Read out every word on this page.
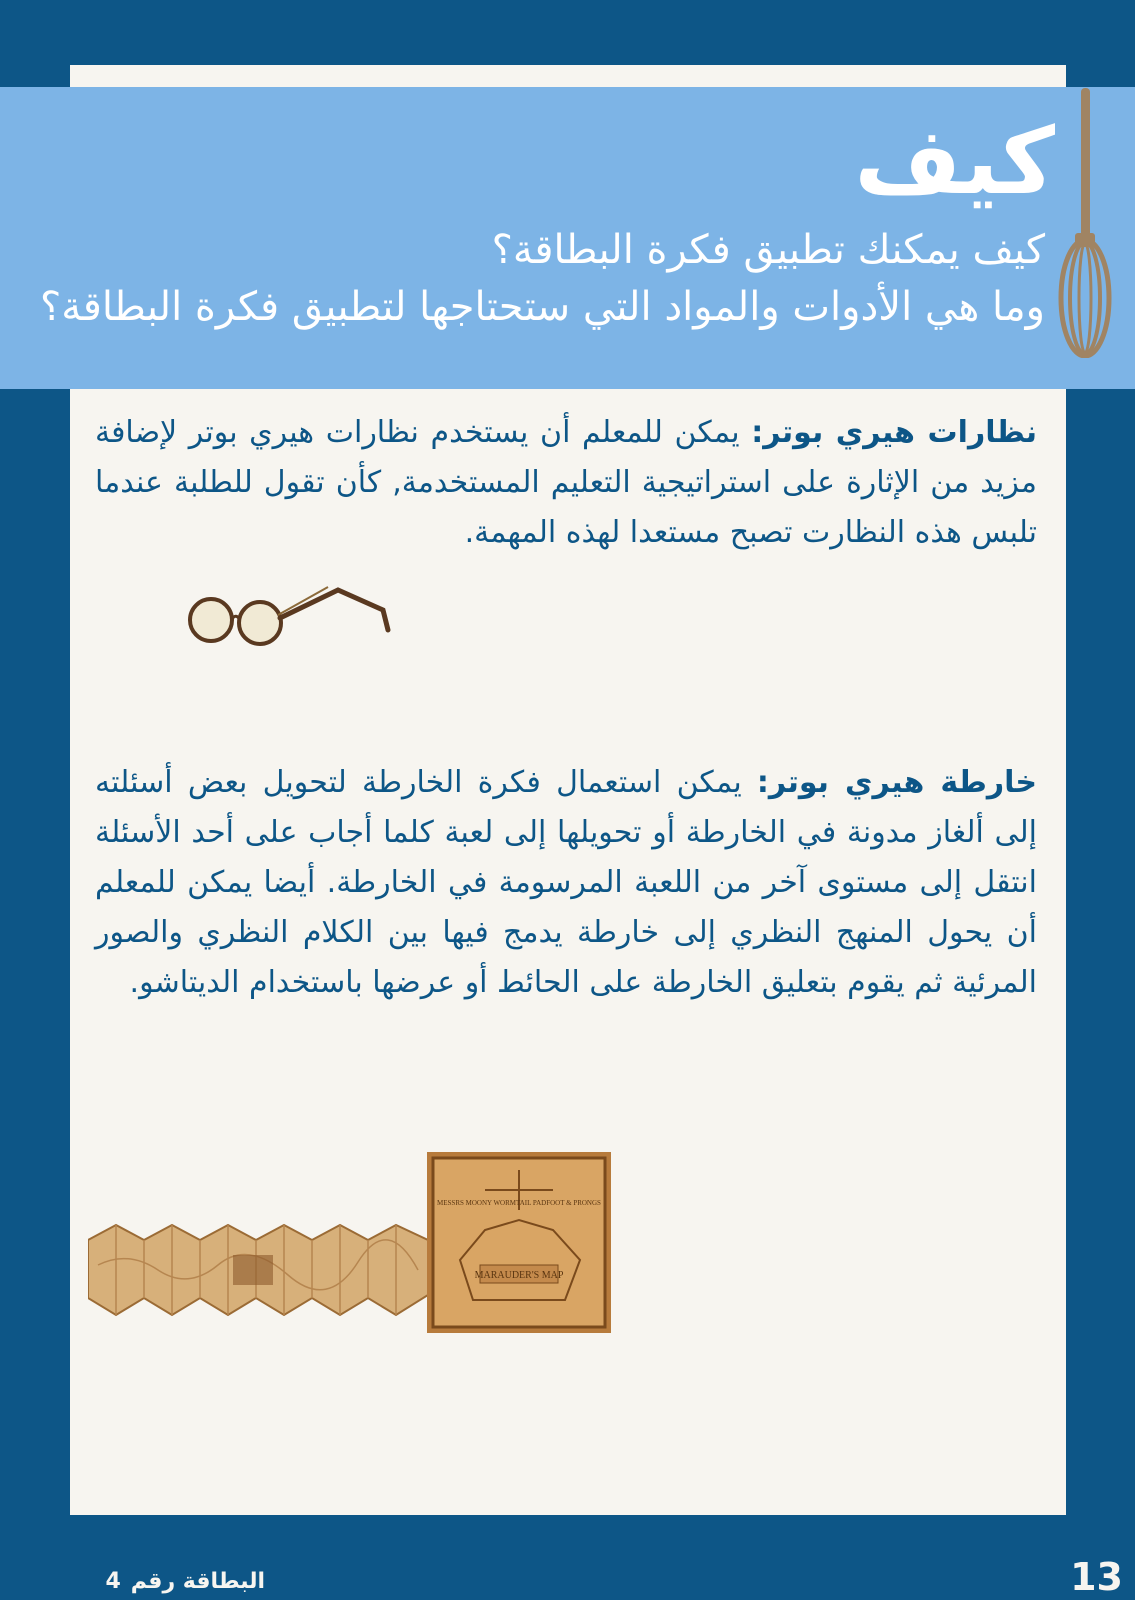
كيف

كيف يمكنك تطبيق فكرة البطاقة؟

وما هي الأدوات والمواد التي ستحتاجها لتطبيق فكرة البطاقة؟

نظارات هيري بوتر: يمكن للمعلم أن يستخدم نظارات هيري بوتر لإضافة مزيد من الإثارة على استراتيجية التعليم المستخدمة, كأن تقول للطلبة عندما تلبس هذه النظارت تصبح مستعدا لهذه المهمة.
خارطة هيري بوتر: يمكن استعمال فكرة الخارطة لتحويل بعض أسئلته إلى ألغاز مدونة في الخارطة أو تحويلها إلى لعبة كلما أجاب على أحد الأسئلة انتقل إلى مستوى آخر من اللعبة المرسومة في الخارطة. أيضا يمكن للمعلم أن يحول المنهج النظري إلى خارطة يدمج فيها بين الكلام النظري والصور المرئية ثم يقوم بتعليق الخارطة على الحائط أو عرضها باستخدام الديتاشو.
MESSRS MOONY WORMTAIL PADFOOT & PRONGS
MARAUDER'S MAP
البطاقة رقم4	13
